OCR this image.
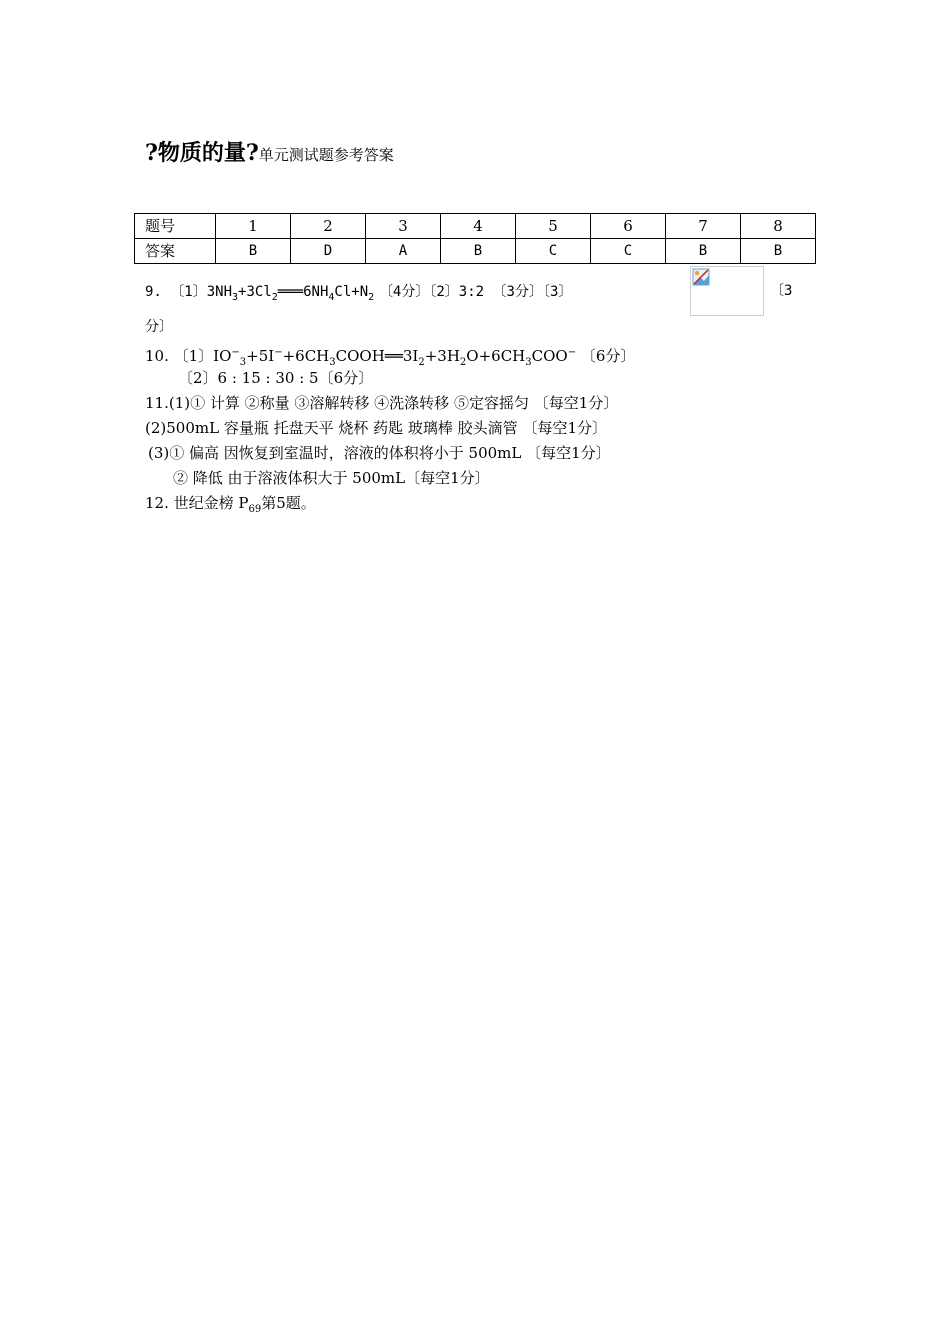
?物质的量?单元测试题参考答案
题号	1	2	3	4	5	6	7	8
答案	B	D	A	B	C	C	B	B
9. 〔1〕$3NH_3+3Cl_2═══6NH_4Cl+N_2$ 〔4分〕〔2〕3:2 〔3分〕〔3〕	〔3
分〕
10. 〔1〕$IO^-_3+5I^-+6CH_3COOH══3I_2+3H_2O+6CH_3COO^-$ 〔6分〕
〔2〕6 : 15 : 30 : 5〔6分〕
11.(1)① 计算 ②称量 ③溶解转移 ④洗涤转移 ⑤定容摇匀 〔每空1分〕
(2)500mL 容量瓶 托盘天平 烧杯 药匙 玻璃棒 胶头滴管 〔每空1分〕
(3)① 偏高 因恢复到室温时，溶液的体积将小于 500mL 〔每空1分〕
② 降低 由于溶液体积大于 500mL〔每空1分〕
12. 世纪金榜 $P_{69}$第5题。
